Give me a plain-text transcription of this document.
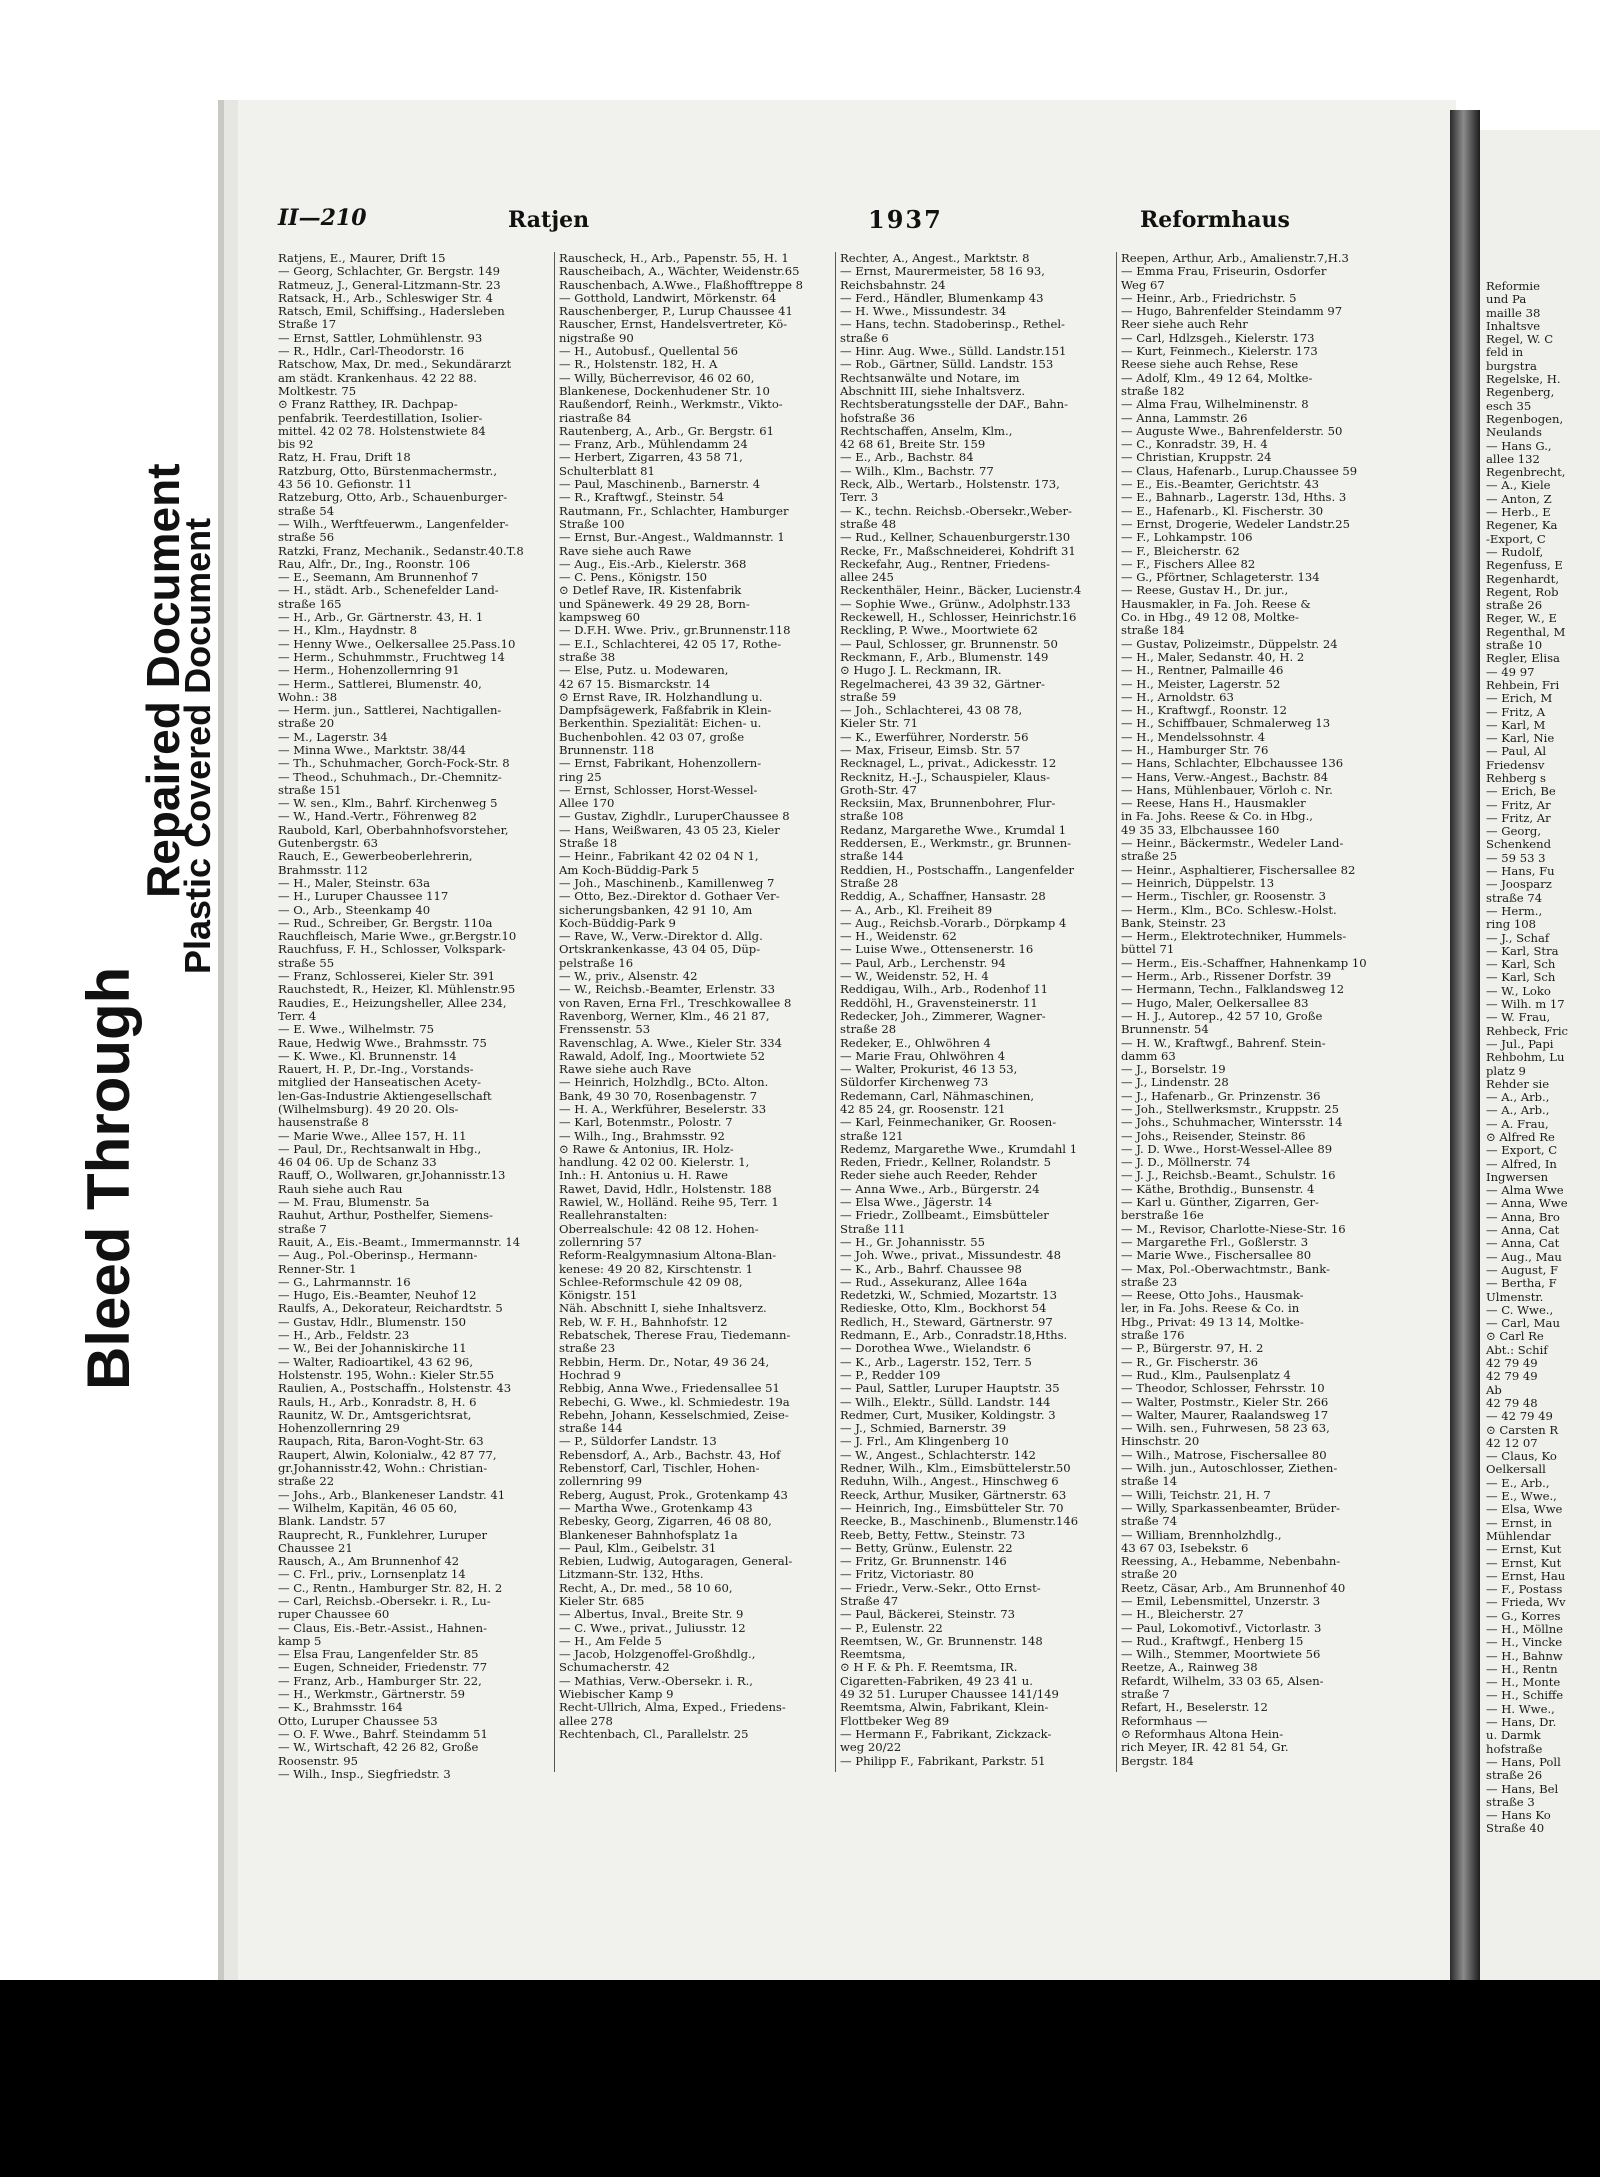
Bleed Through
Repaired Document
Plastic Covered Document
II—210	Ratjen	1937	Reformhaus
Ratjens, E., Maurer, Drift 15
— Georg, Schlachter, Gr. Bergstr. 149
Ratmeuz, J., General-Litzmann-Str. 23
Ratsack, H., Arb., Schleswiger Str. 4
Ratsch, Emil, Schiffsing., Hadersleben
Straße 17
— Ernst, Sattler, Lohmühlenstr. 93
— R., Hdlr., Carl-Theodorstr. 16
Ratschow, Max, Dr. med., Sekundärarzt
am städt. Krankenhaus. 42 22 88.
Moltkestr. 75
⊙ Franz Ratthey, IR. Dachpap-
penfabrik. Teerdestillation, Isolier-
mittel. 42 02 78. Holstenstwiete 84
bis 92
Ratz, H. Frau, Drift 18
Ratzburg, Otto, Bürstenmachermstr.,
43 56 10. Gefionstr. 11
Ratzeburg, Otto, Arb., Schauenburger-
straße 54
— Wilh., Werftfeuerwm., Langenfelder-
straße 56
Ratzki, Franz, Mechanik., Sedanstr.40.T.8
Rau, Alfr., Dr., Ing., Roonstr. 106
— E., Seemann, Am Brunnenhof 7
— H., städt. Arb., Schenefelder Land-
straße 165
— H., Arb., Gr. Gärtnerstr. 43, H. 1
— H., Klm., Haydnstr. 8
— Henny Wwe., Oelkersallee 25.Pass.10
— Herm., Schuhmmstr., Fruchtweg 14
— Herm., Hohenzollernring 91
— Herm., Sattlerei, Blumenstr. 40,
Wohn.: 38
— Herm. jun., Sattlerei, Nachtigallen-
straße 20
— M., Lagerstr. 34
— Minna Wwe., Marktstr. 38/44
— Th., Schuhmacher, Gorch-Fock-Str. 8
— Theod., Schuhmach., Dr.-Chemnitz-
straße 151
— W. sen., Klm., Bahrf. Kirchenweg 5
— W., Hand.-Vertr., Föhrenweg 82
Raubold, Karl, Oberbahnhofsvorsteher,
Gutenbergstr. 63
Rauch, E., Gewerbeoberlehrerin,
Brahmsstr. 112
— H., Maler, Steinstr. 63a
— H., Luruper Chaussee 117
— O., Arb., Steenkamp 40
— Rud., Schreiber, Gr. Bergstr. 110a
Rauchfleisch, Marie Wwe., gr.Bergstr.10
Rauchfuss, F. H., Schlosser, Volkspark-
straße 55
— Franz, Schlosserei, Kieler Str. 391
Rauchstedt, R., Heizer, Kl. Mühlenstr.95
Raudies, E., Heizungsheller, Allee 234,
Terr. 4
— E. Wwe., Wilhelmstr. 75
Raue, Hedwig Wwe., Brahmsstr. 75
— K. Wwe., Kl. Brunnenstr. 14
Rauert, H. P., Dr.-Ing., Vorstands-
mitglied der Hanseatischen Acety-
len-Gas-Industrie Aktiengesellschaft
(Wilhelmsburg). 49 20 20. Ols-
hausenstraße 8
— Marie Wwe., Allee 157, H. 11
— Paul, Dr., Rechtsanwalt in Hbg.,
46 04 06. Up de Schanz 33
Rauff, O., Wollwaren, gr.Johannisstr.13
Rauh siehe auch Rau
— M. Frau, Blumenstr. 5a
Rauhut, Arthur, Posthelfer, Siemens-
straße 7
Rauit, A., Eis.-Beamt., Immermannstr. 14
— Aug., Pol.-Oberinsp., Hermann-
Renner-Str. 1
— G., Lahrmannstr. 16
— Hugo, Eis.-Beamter, Neuhof 12
Raulfs, A., Dekorateur, Reichardtstr. 5
— Gustav, Hdlr., Blumenstr. 150
— H., Arb., Feldstr. 23
— W., Bei der Johanniskirche 11
— Walter, Radioartikel, 43 62 96,
Holstenstr. 195, Wohn.: Kieler Str.55
Raulien, A., Postschaffn., Holstenstr. 43
Rauls, H., Arb., Konradstr. 8, H. 6
Raunitz, W. Dr., Amtsgerichtsrat,
Hohenzollernring 29
Raupach, Rita, Baron-Voght-Str. 63
Raupert, Alwin, Kolonialw., 42 87 77,
gr.Johannisstr.42, Wohn.: Christian-
straße 22
— Johs., Arb., Blankeneser Landstr. 41
— Wilhelm, Kapitän, 46 05 60,
Blank. Landstr. 57
Rauprecht, R., Funklehrer, Luruper
Chaussee 21
Rausch, A., Am Brunnenhof 42
— C. Frl., priv., Lornsenplatz 14
— C., Rentn., Hamburger Str. 82, H. 2
— Carl, Reichsb.-Obersekr. i. R., Lu-
ruper Chaussee 60
— Claus, Eis.-Betr.-Assist., Hahnen-
kamp 5
— Elsa Frau, Langenfelder Str. 85
— Eugen, Schneider, Friedenstr. 77
— Franz, Arb., Hamburger Str. 22,
— H., Werkmstr., Gärtnerstr. 59
— K., Brahmsstr. 164
Otto, Luruper Chaussee 53
— O. F. Wwe., Bahrf. Steindamm 51
— W., Wirtschaft, 42 26 82, Große
Roosenstr. 95
— Wilh., Insp., Siegfriedstr. 3
Rauscheck, H., Arb., Papenstr. 55, H. 1
Rauscheibach, A., Wächter, Weidenstr.65
Rauschenbach, A.Wwe., Flaßhofftreppe 8
— Gotthold, Landwirt, Mörkenstr. 64
Rauschenberger, P., Lurup Chaussee 41
Rauscher, Ernst, Handelsvertreter, Kö-
nigstraße 90
— H., Autobusf., Quellental 56
— R., Holstenstr. 182, H. A
— Willy, Bücherrevisor, 46 02 60,
Blankenese, Dockenhudener Str. 10
Raußendorf, Reinh., Werkmstr., Vikto-
riastraße 84
Rautenberg, A., Arb., Gr. Bergstr. 61
— Franz, Arb., Mühlendamm 24
— Herbert, Zigarren, 43 58 71,
Schulterblatt 81
— Paul, Maschinenb., Barnerstr. 4
— R., Kraftwgf., Steinstr. 54
Rautmann, Fr., Schlachter, Hamburger
Straße 100
— Ernst, Bur.-Angest., Waldmannstr. 1
Rave siehe auch Rawe
— Aug., Eis.-Arb., Kielerstr. 368
— C. Pens., Königstr. 150
⊙ Detlef Rave, IR. Kistenfabrik
und Spänewerk. 49 29 28, Born-
kampsweg 60
— D.F.H. Wwe. Priv., gr.Brunnenstr.118
— E.I., Schlachterei, 42 05 17, Rothe-
straße 38
— Else, Putz. u. Modewaren,
42 67 15. Bismarckstr. 14
⊙ Ernst Rave, IR. Holzhandlung u.
Dampfsägewerk, Faßfabrik in Klein-
Berkenthin. Spezialität: Eichen- u.
Buchenbohlen. 42 03 07, große
Brunnenstr. 118
— Ernst, Fabrikant, Hohenzollern-
ring 25
— Ernst, Schlosser, Horst-Wessel-
Allee 170
— Gustav, Zighdlr., LuruperChaussee 8
— Hans, Weißwaren, 43 05 23, Kieler
Straße 18
— Heinr., Fabrikant 42 02 04 N 1,
Am Koch-Büddig-Park 5
— Joh., Maschinenb., Kamillenweg 7
— Otto, Bez.-Direktor d. Gothaer Ver-
sicherungsbanken, 42 91 10, Am
Koch-Büddig-Park 9
— Rave, W., Verw.-Direktor d. Allg.
Ortskrankenkasse, 43 04 05, Düp-
pelstraße 16
— W., priv., Alsenstr. 42
— W., Reichsb.-Beamter, Erlenstr. 33
von Raven, Erna Frl., Treschkowallee 8
Ravenborg, Werner, Klm., 46 21 87,
Frenssenstr. 53
Ravenschlag, A. Wwe., Kieler Str. 334
Rawald, Adolf, Ing., Moortwiete 52
Rawe siehe auch Rave
— Heinrich, Holzhdlg., BCto. Alton.
Bank, 49 30 70, Rosenbagenstr. 7
— H. A., Werkführer, Beselerstr. 33
— Karl, Botenmstr., Polostr. 7
— Wilh., Ing., Brahmsstr. 92
⊙ Rawe & Antonius, IR. Holz-
handlung. 42 02 00. Kielerstr. 1,
Inh.: H. Antonius u. H. Rawe
Rawet, David, Hdlr., Holstenstr. 188
Rawiel, W., Holländ. Reihe 95, Terr. 1
Reallehranstalten:
Oberrealschule: 42 08 12. Hohen-
zollernring 57
Reform-Realgymnasium Altona-Blan-
kenese: 49 20 82, Kirschtenstr. 1
Schlee-Reformschule 42 09 08,
Königstr. 151
Näh. Abschnitt I, siehe Inhaltsverz.
Reb, W. F. H., Bahnhofstr. 12
Rebatschek, Therese Frau, Tiedemann-
straße 23
Rebbin, Herm. Dr., Notar, 49 36 24,
Hochrad 9
Rebbig, Anna Wwe., Friedensallee 51
Rebechi, G. Wwe., kl. Schmiedestr. 19a
Rebehn, Johann, Kesselschmied, Zeise-
straße 144
— P., Süldorfer Landstr. 13
Rebensdorf, A., Arb., Bachstr. 43, Hof
Rebenstorf, Carl, Tischler, Hohen-
zollernring 99
Reberg, August, Prok., Grotenkamp 43
— Martha Wwe., Grotenkamp 43
Rebesky, Georg, Zigarren, 46 08 80,
Blankeneser Bahnhofsplatz 1a
— Paul, Klm., Geibelstr. 31
Rebien, Ludwig, Autogaragen, General-
Litzmann-Str. 132, Hths.
Recht, A., Dr. med., 58 10 60,
Kieler Str. 685
— Albertus, Inval., Breite Str. 9
— C. Wwe., privat., Juliusstr. 12
— H., Am Felde 5
— Jacob, Holzgenoffel-Großhdlg.,
Schumacherstr. 42
— Mathias, Verw.-Obersekr. i. R.,
Wiebischer Kamp 9
Recht-Ullrich, Alma, Exped., Friedens-
allee 278
Rechtenbach, Cl., Parallelstr. 25
Rechter, A., Angest., Marktstr. 8
— Ernst, Maurermeister, 58 16 93,
Reichsbahnstr. 24
— Ferd., Händler, Blumenkamp 43
— H. Wwe., Missundestr. 34
— Hans, techn. Stadoberinsp., Rethel-
straße 6
— Hinr. Aug. Wwe., Sülld. Landstr.151
— Rob., Gärtner, Sülld. Landstr. 153
Rechtsanwälte und Notare, im
Abschnitt III, siehe Inhaltsverz.
Rechtsberatungsstelle der DAF., Bahn-
hofstraße 36
Rechtschaffen, Anselm, Klm.,
42 68 61, Breite Str. 159
— E., Arb., Bachstr. 84
— Wilh., Klm., Bachstr. 77
Reck, Alb., Wertarb., Holstenstr. 173,
Terr. 3
— K., techn. Reichsb.-Obersekr.,Weber-
straße 48
— Rud., Kellner, Schauenburgerstr.130
Recke, Fr., Maßschneiderei, Kohdrift 31
Reckefahr, Aug., Rentner, Friedens-
allee 245
Reckenthäler, Heinr., Bäcker, Lucienstr.4
— Sophie Wwe., Grünw., Adolphstr.133
Reckewell, H., Schlosser, Heinrichstr.16
Reckling, P. Wwe., Moortwiete 62
— Paul, Schlosser, gr. Brunnenstr. 50
Reckmann, F., Arb., Blumenstr. 149
⊙ Hugo J. L. Reckmann, IR.
Regelmacherei, 43 39 32, Gärtner-
straße 59
— Joh., Schlachterei, 43 08 78,
Kieler Str. 71
— K., Ewerführer, Norderstr. 56
— Max, Friseur, Eimsb. Str. 57
Recknagel, L., privat., Adickesstr. 12
Recknitz, H.-J., Schauspieler, Klaus-
Groth-Str. 47
Recksiin, Max, Brunnenbohrer, Flur-
straße 108
Redanz, Margarethe Wwe., Krumdal 1
Reddersen, E., Werkmstr., gr. Brunnen-
straße 144
Reddien, H., Postschaffn., Langenfelder
Straße 28
Reddig, A., Schaffner, Hansastr. 28
— A., Arb., Kl. Freiheit 89
— Aug., Reichsb.-Vorarb., Dörpkamp 4
— H., Weidenstr. 62
— Luise Wwe., Ottensenerstr. 16
— Paul, Arb., Lerchenstr. 94
— W., Weidenstr. 52, H. 4
Reddigau, Wilh., Arb., Rodenhof 11
Reddöhl, H., Gravensteinerstr. 11
Redecker, Joh., Zimmerer, Wagner-
straße 28
Redeker, E., Ohlwöhren 4
— Marie Frau, Ohlwöhren 4
— Walter, Prokurist, 46 13 53,
Süldorfer Kirchenweg 73
Redemann, Carl, Nähmaschinen,
42 85 24, gr. Roosenstr. 121
— Karl, Feinmechaniker, Gr. Roosen-
straße 121
Redemz, Margarethe Wwe., Krumdahl 1
Reden, Friedr., Kellner, Rolandstr. 5
Reder siehe auch Reeder, Rehder
— Anna Wwe., Arb., Bürgerstr. 24
— Elsa Wwe., Jägerstr. 14
— Friedr., Zollbeamt., Eimsbütteler
Straße 111
— H., Gr. Johannisstr. 55
— Joh. Wwe., privat., Missundestr. 48
— K., Arb., Bahrf. Chaussee 98
— Rud., Assekuranz, Allee 164a
Redetzki, W., Schmied, Mozartstr. 13
Redieske, Otto, Klm., Bockhorst 54
Redlich, H., Steward, Gärtnerstr. 97
Redmann, E., Arb., Conradstr.18,Hths.
— Dorothea Wwe., Wielandstr. 6
— K., Arb., Lagerstr. 152, Terr. 5
— P., Redder 109
— Paul, Sattler, Luruper Hauptstr. 35
— Wilh., Elektr., Sülld. Landstr. 144
Redmer, Curt, Musiker, Koldingstr. 3
— J., Schmied, Barnerstr. 39
— J. Frl., Am Klingenberg 10
— W., Angest., Schlachterstr. 142
Redner, Wilh., Klm., Eimsbüttelerstr.50
Reduhn, Wilh., Angest., Hinschweg 6
Reeck, Arthur, Musiker, Gärtnerstr. 63
— Heinrich, Ing., Eimsbütteler Str. 70
Reecke, B., Maschinenb., Blumenstr.146
Reeb, Betty, Fettw., Steinstr. 73
— Betty, Grünw., Eulenstr. 22
— Fritz, Gr. Brunnenstr. 146
— Fritz, Victoriastr. 80
— Friedr., Verw.-Sekr., Otto Ernst-
Straße 47
— Paul, Bäckerei, Steinstr. 73
— P., Eulenstr. 22
Reemtsen, W., Gr. Brunnenstr. 148
Reemtsma,
⊙ H F. & Ph. F. Reemtsma, IR.
Cigaretten-Fabriken, 49 23 41 u.
49 32 51. Luruper Chaussee 141/149
Reemtsma, Alwin, Fabrikant, Klein-
Flottbeker Weg 89
— Hermann F., Fabrikant, Zickzack-
weg 20/22
— Philipp F., Fabrikant, Parkstr. 51
Reepen, Arthur, Arb., Amalienstr.7,H.3
— Emma Frau, Friseurin, Osdorfer
Weg 67
— Heinr., Arb., Friedrichstr. 5
— Hugo, Bahrenfelder Steindamm 97
Reer siehe auch Rehr
— Carl, Hdlzsgeh., Kielerstr. 173
— Kurt, Feinmech., Kielerstr. 173
Reese siehe auch Rehse, Rese
— Adolf, Klm., 49 12 64, Moltke-
straße 182
— Alma Frau, Wilhelminenstr. 8
— Anna, Lammstr. 26
— Auguste Wwe., Bahrenfelderstr. 50
— C., Konradstr. 39, H. 4
— Christian, Kruppstr. 24
— Claus, Hafenarb., Lurup.Chaussee 59
— E., Eis.-Beamter, Gerichtstr. 43
— E., Bahnarb., Lagerstr. 13d, Hths. 3
— E., Hafenarb., Kl. Fischerstr. 30
— Ernst, Drogerie, Wedeler Landstr.25
— F., Lohkampstr. 106
— F., Bleicherstr. 62
— F., Fischers Allee 82
— G., Pförtner, Schlageterstr. 134
— Reese, Gustav H., Dr. jur.,
Hausmakler, in Fa. Joh. Reese &
Co. in Hbg., 49 12 08, Moltke-
straße 184
— Gustav, Polizeimstr., Düppelstr. 24
— H., Maler, Sedanstr. 40, H. 2
— H., Rentner, Palmaille 46
— H., Meister, Lagerstr. 52
— H., Arnoldstr. 63
— H., Kraftwgf., Roonstr. 12
— H., Schiffbauer, Schmalerweg 13
— H., Mendelssohnstr. 4
— H., Hamburger Str. 76
— Hans, Schlachter, Elbchaussee 136
— Hans, Verw.-Angest., Bachstr. 84
— Hans, Mühlenbauer, Vörloh c. Nr.
— Reese, Hans H., Hausmakler
in Fa. Johs. Reese & Co. in Hbg.,
49 35 33, Elbchaussee 160
— Heinr., Bäckermstr., Wedeler Land-
straße 25
— Heinr., Asphaltierer, Fischersallee 82
— Heinrich, Düppelstr. 13
— Herm., Tischler, gr. Roosenstr. 3
— Herm., Klm., BCo. Schlesw.-Holst.
Bank, Steinstr. 23
— Herm., Elektrotechniker, Hummels-
büttel 71
— Herm., Eis.-Schaffner, Hahnenkamp 10
— Herm., Arb., Rissener Dorfstr. 39
— Hermann, Techn., Falklandsweg 12
— Hugo, Maler, Oelkersallee 83
— H. J., Autorep., 42 57 10, Große
Brunnenstr. 54
— H. W., Kraftwgf., Bahrenf. Stein-
damm 63
— J., Borselstr. 19
— J., Lindenstr. 28
— J., Hafenarb., Gr. Prinzenstr. 36
— Joh., Stellwerksmstr., Kruppstr. 25
— Johs., Schuhmacher, Wintersstr. 14
— Johs., Reisender, Steinstr. 86
— J. D. Wwe., Horst-Wessel-Allee 89
— J. D., Möllnerstr. 74
— J. J., Reichsb.-Beamt., Schulstr. 16
— Käthe, Brothdig., Bunsenstr. 4
— Karl u. Günther, Zigarren, Ger-
berstraße 16e
— M., Revisor, Charlotte-Niese-Str. 16
— Margarethe Frl., Goßlerstr. 3
— Marie Wwe., Fischersallee 80
— Max, Pol.-Oberwachtmstr., Bank-
straße 23
— Reese, Otto Johs., Hausmak-
ler, in Fa. Johs. Reese & Co. in
Hbg., Privat: 49 13 14, Moltke-
straße 176
— P., Bürgerstr. 97, H. 2
— R., Gr. Fischerstr. 36
— Rud., Klm., Paulsenplatz 4
— Theodor, Schlosser, Fehrsstr. 10
— Walter, Postmstr., Kieler Str. 266
— Walter, Maurer, Raalandsweg 17
— Wilh. sen., Fuhrwesen, 58 23 63,
Hinschstr. 20
— Wilh., Matrose, Fischersallee 80
— Wilh. jun., Autoschlosser, Ziethen-
straße 14
— Willi, Teichstr. 21, H. 7
— Willy, Sparkassenbeamter, Brüder-
straße 74
— William, Brennholzhdlg.,
43 67 03, Isebekstr. 6
Reessing, A., Hebamme, Nebenbahn-
straße 20
Reetz, Cäsar, Arb., Am Brunnenhof 40
— Emil, Lebensmittel, Unzerstr. 3
— H., Bleicherstr. 27
— Paul, Lokomotivf., Victorlastr. 3
— Rud., Kraftwgf., Henberg 15
— Wilh., Stemmer, Moortwiete 56
Reetze, A., Rainweg 38
Refardt, Wilhelm, 33 03 65, Alsen-
straße 7
Refart, H., Beselerstr. 12
Reformhaus —
⊙ Reformhaus Altona Hein-
rich Meyer, IR. 42 81 54, Gr.
Bergstr. 184
Reformie
und Pa
maille 38
Inhaltsve
Regel, W. C
feld in
burgstra
Regelske, H.
Regenberg,
esch 35
Regenbogen,
Neulands
— Hans G.,
allee 132
Regenbrecht,
— A., Kiele
— Anton, Z
— Herb., E
Regener, Ka
-Export, C
— Rudolf,
Regenfuss, E
Regenhardt,
Regent, Rob
straße 26
Reger, W., E
Regenthal, M
straße 10
Regler, Elisa
— 49 97
Rehbein, Fri
— Erich, M
— Fritz, A
— Karl, M
— Karl, Nie
— Paul, Al
Friedensv
Rehberg s
— Erich, Be
— Fritz, Ar
— Fritz, Ar
— Georg,
Schenkend
— 59 53 3
— Hans, Fu
— Joosparz
straße 74
— Herm.,
ring 108
— J., Schaf
— Karl, Stra
— Karl, Sch
— Karl, Sch
— W., Loko
— Wilh. m 17
— W. Frau,
Rehbeck, Fric
— Jul., Papi
Rehbohm, Lu
platz 9
Rehder sie
— A., Arb.,
— A., Arb.,
— A. Frau,
⊙ Alfred Re
— Export, C
— Alfred, In
Ingwersen
— Alma Wwe
— Anna, Wwe
— Anna, Bro
— Anna, Cat
— Anna, Cat
— Aug., Mau
— August, F
— Bertha, F
Ulmenstr.
— C. Wwe.,
— Carl, Mau
⊙ Carl Re
Abt.: Schif
42 79 49
42 79 49
Ab
42 79 48
— 42 79 49
⊙ Carsten R
42 12 07
— Claus, Ko
Oelkersall
— E., Arb.,
— E., Wwe.,
— Elsa, Wwe
— Ernst, in
Mühlendar
— Ernst, Kut
— Ernst, Kut
— Ernst, Hau
— F., Postass
— Frieda, Wv
— G., Korres
— H., Möllne
— H., Vincke
— H., Bahnw
— H., Rentn
— H., Monte
— H., Schiffe
— H. Wwe.,
— Hans, Dr.
u. Darmk
hofstraße
— Hans, Poll
straße 26
— Hans, Bel
straße 3
— Hans Ko
Straße 40
